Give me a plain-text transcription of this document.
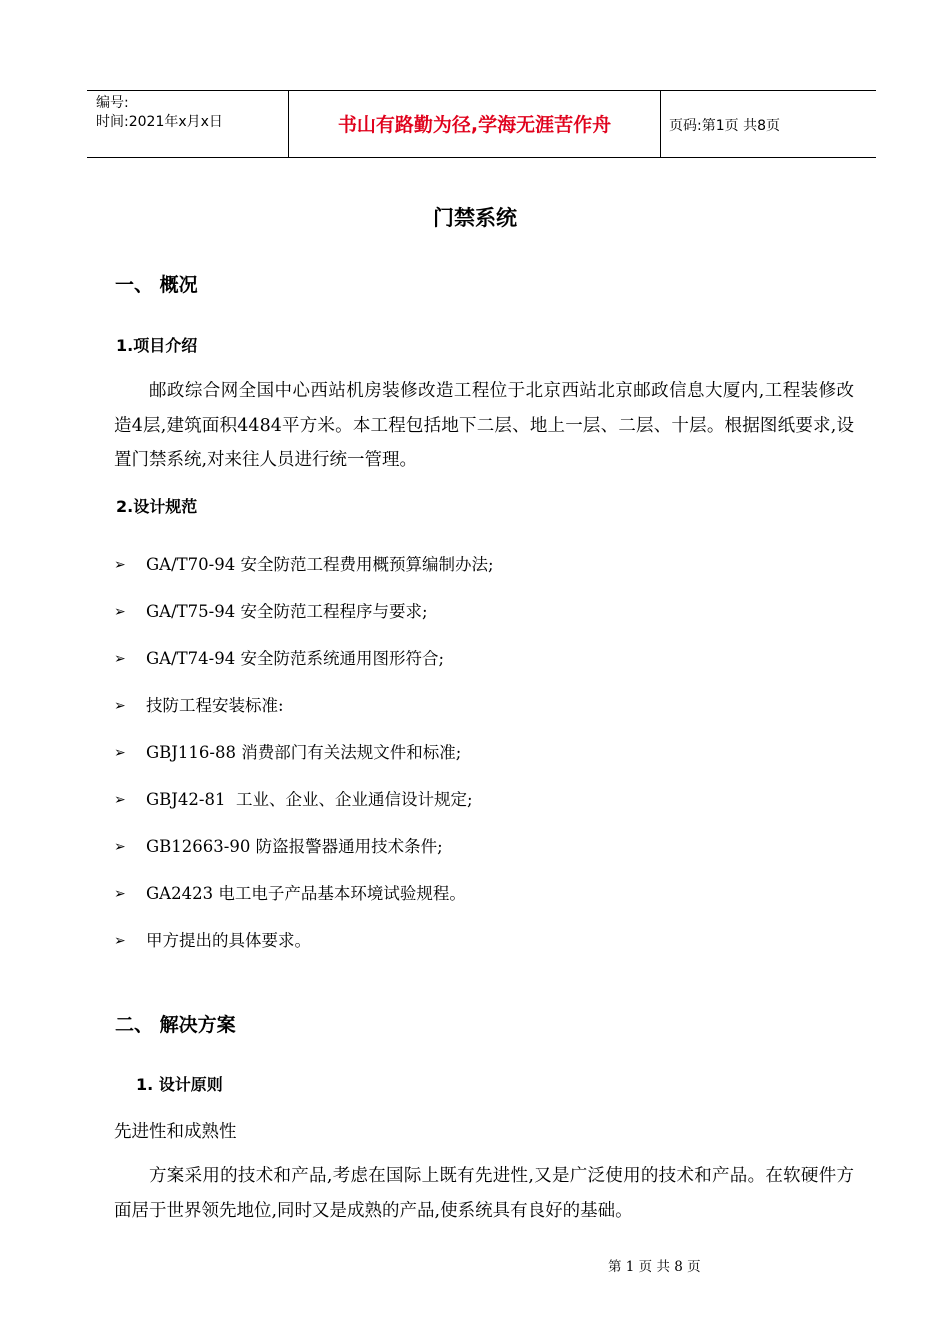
编号:
时间:2021年x月x日	书山有路勤为径,学海无涯苦作舟	页码:第1页 共8页
门禁系统
一、 概况
1.项目介绍

邮政综合网全国中心西站机房装修改造工程位于北京西站北京邮政信息大厦内,工程装修改造4层,建筑面积4484平方米。本工程包括地下二层、地上一层、二层、十层。根据图纸要求,设置门禁系统,对来往人员进行统一管理。

2.设计规范
➢	GA/T70-94 安全防范工程费用概预算编制办法;
➢	GA/T75-94 安全防范工程程序与要求;
➢	GA/T74-94 安全防范系统通用图形符合;
➢	技防工程安装标准:
➢	GBJ116-88 消费部门有关法规文件和标准;
➢	GBJ42-81  工业、企业、企业通信设计规定;
➢	GB12663-90 防盗报警器通用技术条件;
➢	GA2423 电工电子产品基本环境试验规程。
➢	甲方提出的具体要求。
二、 解决方案
1. 设计原则
先进性和成熟性

方案采用的技术和产品,考虑在国际上既有先进性,又是广泛使用的技术和产品。在软硬件方面居于世界领先地位,同时又是成熟的产品,使系统具有良好的基础。

第 1 页 共 8 页
